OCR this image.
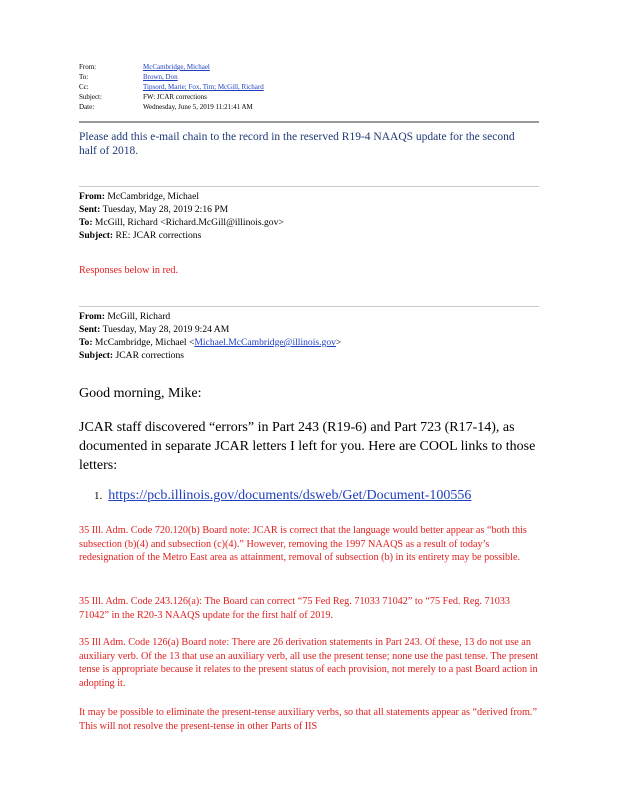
From:	McCambridge, Michael
To:	Brown, Don
Cc:	Tipsord, Marie; Fox, Tim; McGill, Richard
Subject:	FW: JCAR corrections
Date:	Wednesday, June 5, 2019 11:21:41 AM
Please add this e-mail chain to the record in the reserved R19-4 NAAQS update for the second half of 2018.
From: McCambridge, Michael
Sent: Tuesday, May 28, 2019 2:16 PM
To: McGill, Richard <Richard.McGill@illinois.gov>
Subject: RE: JCAR corrections
Responses below in red.
From: McGill, Richard
Sent: Tuesday, May 28, 2019 9:24 AM
To: McCambridge, Michael <Michael.McCambridge@illinois.gov>
Subject: JCAR corrections
Good morning, Mike:
JCAR staff discovered “errors” in Part 243 (R19-6) and Part 723 (R17-14), as documented in separate JCAR letters I left for you. Here are COOL links to those letters:
1. https://pcb.illinois.gov/documents/dsweb/Get/Document-100556
35 Ill. Adm. Code 720.120(b) Board note: JCAR is correct that the language would better appear as “both this subsection (b)(4) and subsection (c)(4).” However, removing the 1997 NAAQS as a result of today’s redesignation of the Metro East area as attainment, removal of subsection (b) in its entirety may be possible.
35 Ill. Adm. Code 243.126(a): The Board can correct “75 Fed Reg. 71033 71042” to “75 Fed. Reg. 71033 71042” in the R20-3 NAAQS update for the first half of 2019.
35 Ill Adm. Code 126(a) Board note: There are 26 derivation statements in Part 243. Of these, 13 do not use an auxiliary verb. Of the 13 that use an auxiliary verb, all use the present tense; none use the past tense. The present tense is appropriate because it relates to the present status of each provision, not merely to a past Board action in adopting it.
It may be possible to eliminate the present-tense auxiliary verbs, so that all statements appear as “derived from.” This will not resolve the present-tense in other Parts of IIS
